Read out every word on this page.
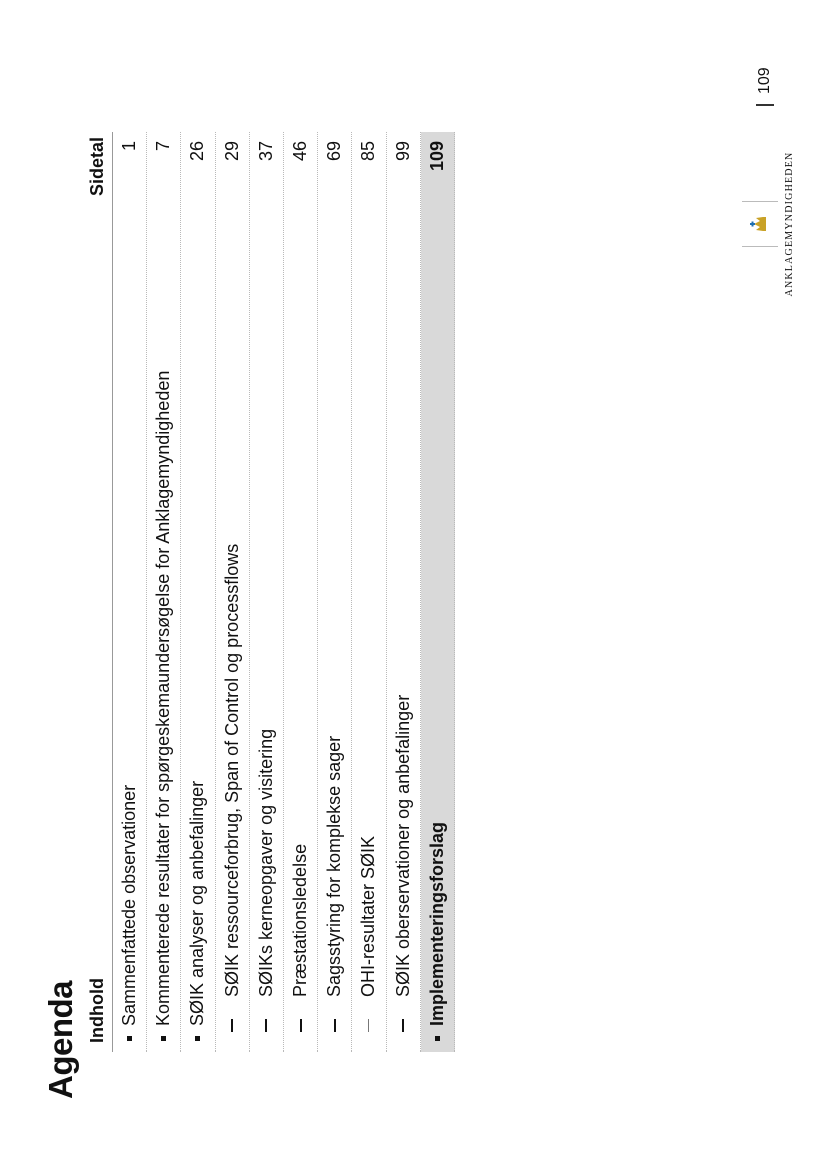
Agenda Indhold
Sidetal
Sammenfattede observationer
1
Kommenterede resultater for spørgeskemaundersøgelse for Anklagemyndigheden
7
SØIK analyser og anbefalinger
26
SØIK ressourceforbrug, Span of Control og processflows
29
SØIKs kerneopgaver og visitering
37
Præstationsledelse
46
Sagsstyring for komplekse sager
69
OHI-resultater SØIK
85
SØIK oberservationer og anbefalinger
99
Implementeringsforslag
109
109
ANKLAGEMYNDIGHEDEN
